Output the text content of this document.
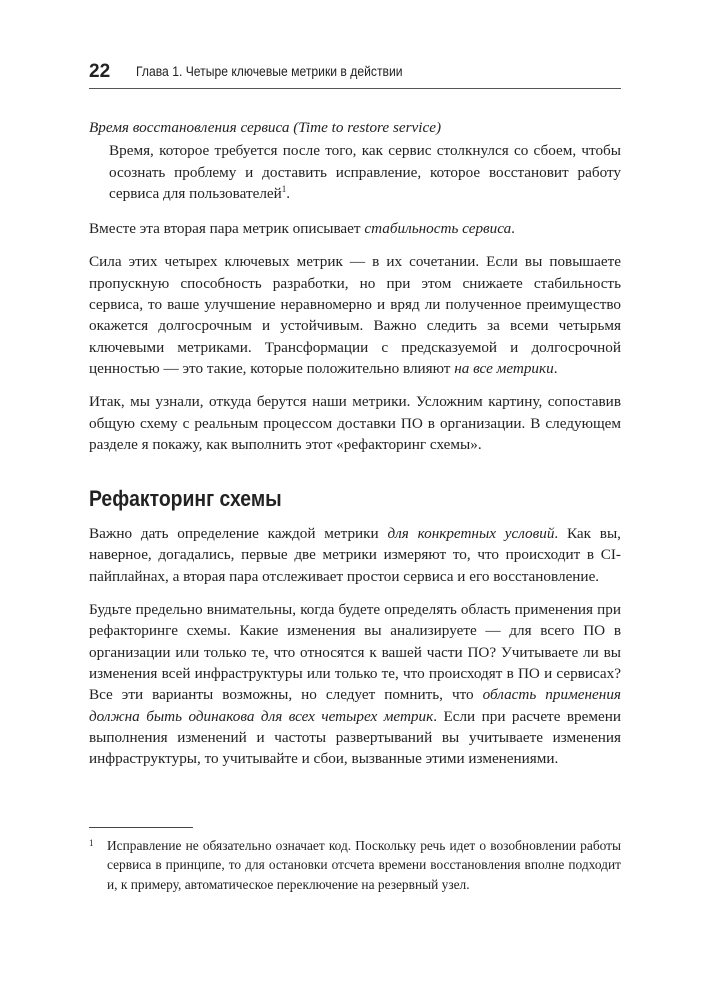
22 Глава 1. Четыре ключевые метрики в действии

Время восстановления сервиса (Time to restore service)

Время, которое требуется после того, как сервис столкнулся со сбоем, чтобы осознать проблему и доставить исправление, которое восстановит работу сервиса для пользователей$^1$.

Вместе эта вторая пара метрик описывает стабильность сервиса.

Сила этих четырех ключевых метрик — в их сочетании. Если вы повышаете пропускную способность разработки, но при этом снижаете стабильность сервиса, то ваше улучшение неравномерно и вряд ли полученное преимущество окажется долгосрочным и устойчивым. Важно следить за всеми четырьмя ключевыми метриками. Трансформации с предсказуемой и долгосрочной ценностью — это такие, которые положительно влияют на все метрики.

Итак, мы узнали, откуда берутся наши метрики. Усложним картину, сопоставив общую схему с реальным процессом доставки ПО в организации. В следующем разделе я покажу, как выполнить этот «рефакторинг схемы».

Рефакторинг схемы

Важно дать определение каждой метрики для конкретных условий. Как вы, наверное, догадались, первые две метрики измеряют то, что происходит в CI-пайплайнах, а вторая пара отслеживает простои сервиса и его восстановление.

Будьте предельно внимательны, когда будете определять область применения при рефакторинге схемы. Какие изменения вы анализируете — для всего ПО в организации или только те, что относятся к вашей части ПО? Учитываете ли вы изменения всей инфраструктуры или только те, что происходят в ПО и сервисах? Все эти варианты возможны, но следует помнить, что область применения должна быть одинакова для всех четырех метрик. Если при расчете времени выполнения изменений и частоты развертываний вы учитываете изменения инфраструктуры, то учитывайте и сбои, вызванные этими изменениями.

1 Исправление не обязательно означает код. Поскольку речь идет о возобновлении работы сервиса в принципе, то для остановки отсчета времени восстановления вполне подходит и, к примеру, автоматическое переключение на резервный узел.
